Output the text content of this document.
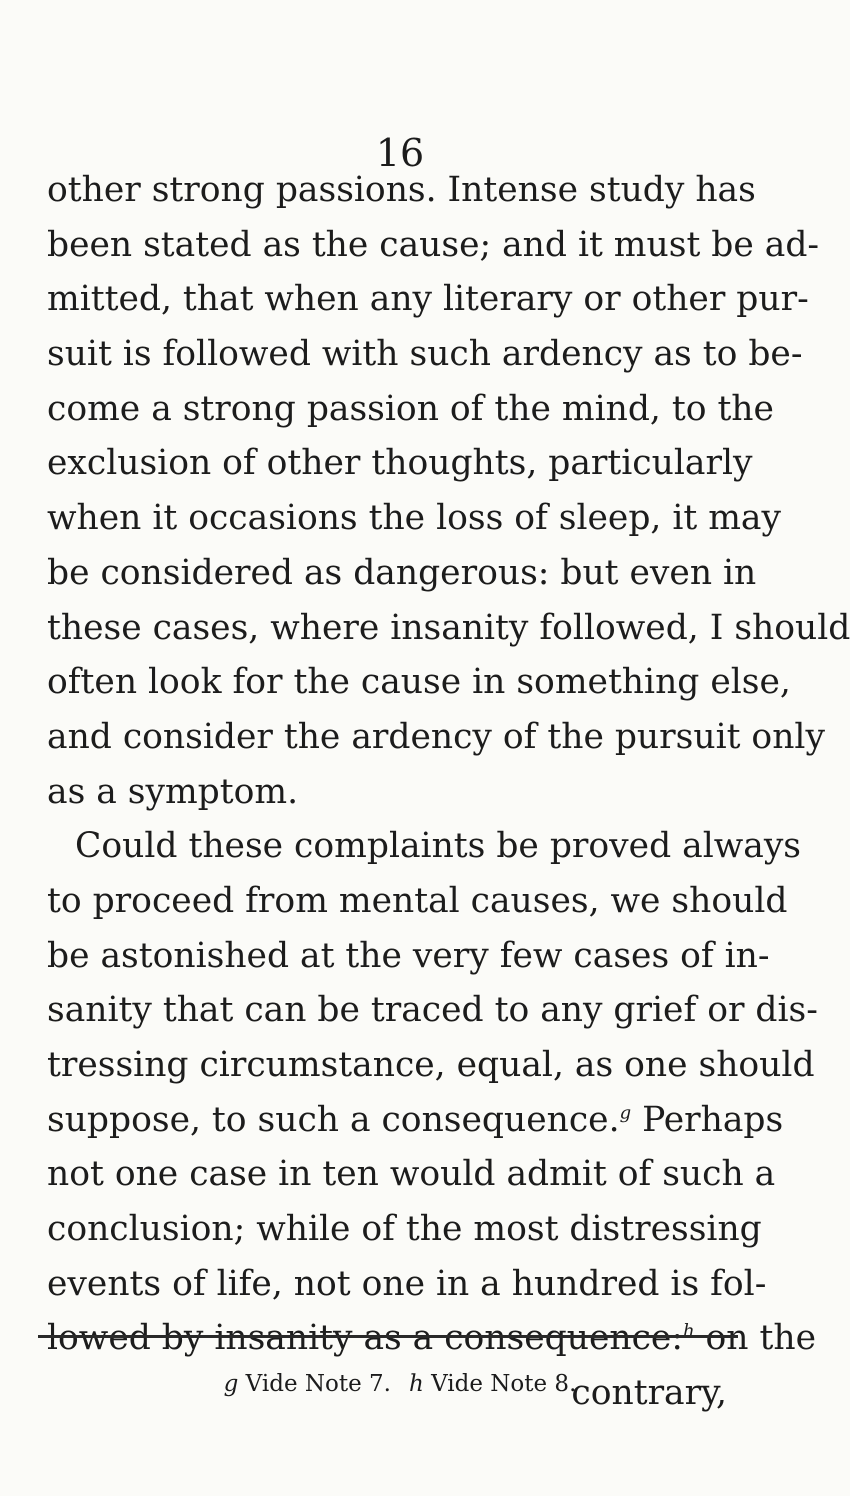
16
other strong passions. Intense study has
been stated as the cause; and it must be ad-
mitted, that when any literary or other pur-
suit is followed with such ardency as to be-
come a strong passion of the mind, to the
exclusion of other thoughts, particularly
when it occasions the loss of sleep, it may
be considered as dangerous: but even in
these cases, where insanity followed, I should
often look for the cause in something else,
and consider the ardency of the pursuit only
as a symptom.
Could these complaints be proved always
to proceed from mental causes, we should
be astonished at the very few cases of in-
sanity that can be traced to any grief or dis-
tressing circumstance, equal, as one should
suppose, to such a consequence.$^g$ Perhaps
not one case in ten would admit of such a
conclusion; while of the most distressing
events of life, not one in a hundred is fol-
lowed by insanity as a consequence:$^h$ on the
contrary,
g Vide Note 7. h Vide Note 8.
